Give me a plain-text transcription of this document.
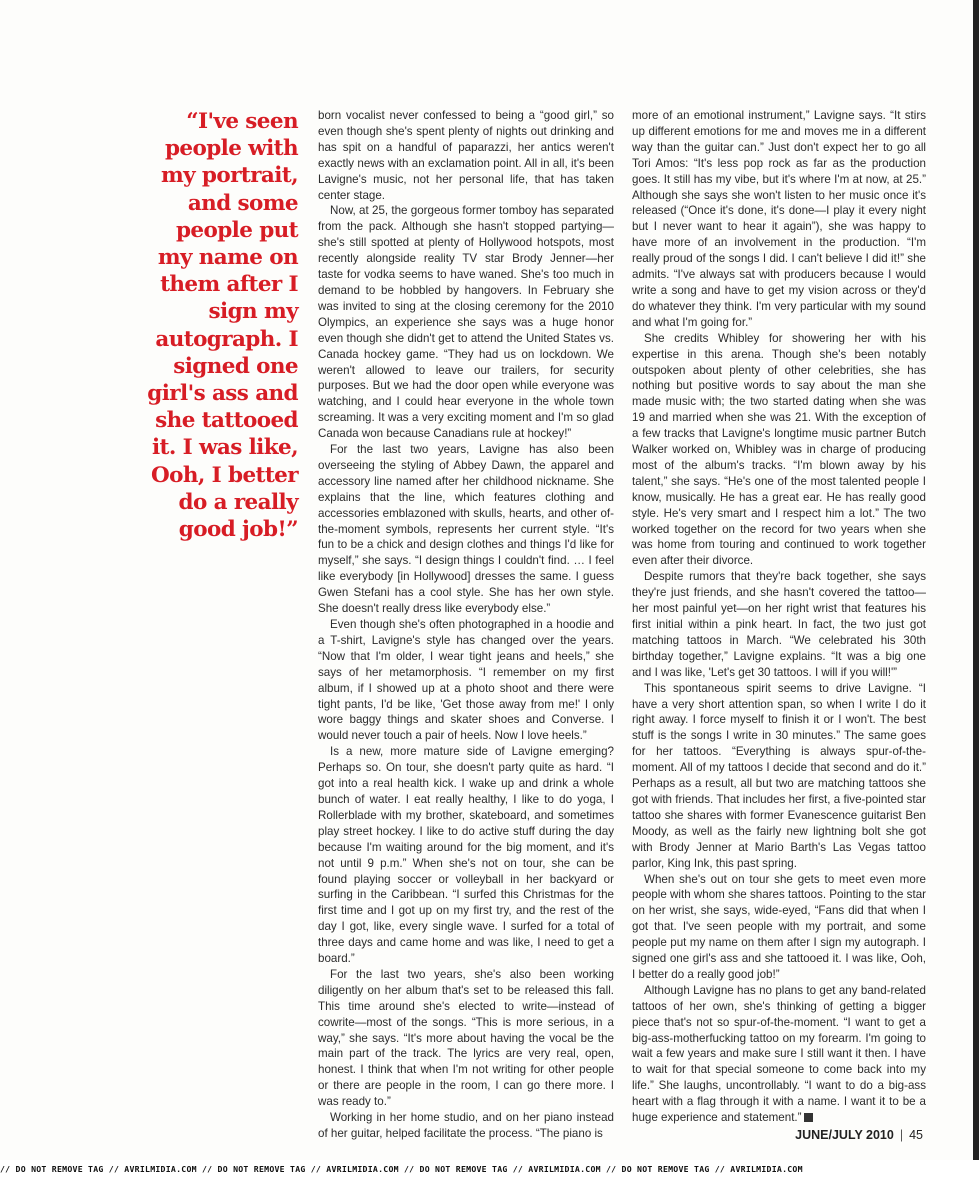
“I've seen people with my portrait, and some people put my name on them after I sign my autograph. I signed one girl's ass and she tattooed it. I was like, Ooh, I better do a really good job!”

born vocalist never confessed to being a “good girl,” so even though she's spent plenty of nights out drinking and has spit on a handful of paparazzi, her antics weren't exactly news with an exclamation point. All in all, it's been Lavigne's music, not her personal life, that has taken center stage.

Now, at 25, the gorgeous former tomboy has separated from the pack. Although she hasn't stopped partying—she's still spotted at plenty of Hollywood hotspots, most recently alongside reality TV star Brody Jenner—her taste for vodka seems to have waned. She's too much in demand to be hobbled by hangovers. In February she was invited to sing at the closing ceremony for the 2010 Olympics, an experience she says was a huge honor even though she didn't get to attend the United States vs. Canada hockey game. “They had us on lockdown. We weren't allowed to leave our trailers, for security purposes. But we had the door open while everyone was watching, and I could hear everyone in the whole town screaming. It was a very exciting moment and I'm so glad Canada won because Canadians rule at hockey!”

For the last two years, Lavigne has also been overseeing the styling of Abbey Dawn, the apparel and accessory line named after her childhood nickname. She explains that the line, which features clothing and accessories emblazoned with skulls, hearts, and other of-the-moment symbols, represents her current style. “It's fun to be a chick and design clothes and things I'd like for myself,” she says. “I design things I couldn't find. … I feel like everybody [in Hollywood] dresses the same. I guess Gwen Stefani has a cool style. She has her own style. She doesn't really dress like everybody else.”

Even though she's often photographed in a hoodie and a T-shirt, Lavigne's style has changed over the years. “Now that I'm older, I wear tight jeans and heels,” she says of her metamorphosis. “I remember on my first album, if I showed up at a photo shoot and there were tight pants, I'd be like, 'Get those away from me!' I only wore baggy things and skater shoes and Converse. I would never touch a pair of heels. Now I love heels.”

Is a new, more mature side of Lavigne emerging? Perhaps so. On tour, she doesn't party quite as hard. “I got into a real health kick. I wake up and drink a whole bunch of water. I eat really healthy, I like to do yoga, I Rollerblade with my brother, skateboard, and sometimes play street hockey. I like to do active stuff during the day because I'm waiting around for the big moment, and it's not until 9 p.m.” When she's not on tour, she can be found playing soccer or volleyball in her backyard or surfing in the Caribbean. “I surfed this Christmas for the first time and I got up on my first try, and the rest of the day I got, like, every single wave. I surfed for a total of three days and came home and was like, I need to get a board.”

For the last two years, she's also been working diligently on her album that's set to be released this fall. This time around she's elected to write—instead of cowrite—most of the songs. “This is more serious, in a way,” she says. “It's more about having the vocal be the main part of the track. The lyrics are very real, open, honest. I think that when I'm not writing for other people or there are people in the room, I can go there more. I was ready to.”

Working in her home studio, and on her piano instead of her guitar, helped facilitate the process. “The piano is

more of an emotional instrument,” Lavigne says. “It stirs up different emotions for me and moves me in a different way than the guitar can.” Just don't expect her to go all Tori Amos: “It's less pop rock as far as the production goes. It still has my vibe, but it's where I'm at now, at 25.” Although she says she won't listen to her music once it's released (“Once it's done, it's done—I play it every night but I never want to hear it again”), she was happy to have more of an involvement in the production. “I'm really proud of the songs I did. I can't believe I did it!” she admits. “I've always sat with producers because I would write a song and have to get my vision across or they'd do whatever they think. I'm very particular with my sound and what I'm going for.”

She credits Whibley for showering her with his expertise in this arena. Though she's been notably outspoken about plenty of other celebrities, she has nothing but positive words to say about the man she made music with; the two started dating when she was 19 and married when she was 21. With the exception of a few tracks that Lavigne's longtime music partner Butch Walker worked on, Whibley was in charge of producing most of the album's tracks. “I'm blown away by his talent,” she says. “He's one of the most talented people I know, musically. He has a great ear. He has really good style. He's very smart and I respect him a lot.” The two worked together on the record for two years when she was home from touring and continued to work together even after their divorce.

Despite rumors that they're back together, she says they're just friends, and she hasn't covered the tattoo—her most painful yet—on her right wrist that features his first initial within a pink heart. In fact, the two just got matching tattoos in March. “We celebrated his 30th birthday together,” Lavigne explains. “It was a big one and I was like, 'Let's get 30 tattoos. I will if you will!'”

This spontaneous spirit seems to drive Lavigne. “I have a very short attention span, so when I write I do it right away. I force myself to finish it or I won't. The best stuff is the songs I write in 30 minutes.” The same goes for her tattoos. “Everything is always spur-of-the-moment. All of my tattoos I decide that second and do it.” Perhaps as a result, all but two are matching tattoos she got with friends. That includes her first, a five-pointed star tattoo she shares with former Evanescence guitarist Ben Moody, as well as the fairly new lightning bolt she got with Brody Jenner at Mario Barth's Las Vegas tattoo parlor, King Ink, this past spring.

When she's out on tour she gets to meet even more people with whom she shares tattoos. Pointing to the star on her wrist, she says, wide-eyed, “Fans did that when I got that. I've seen people with my portrait, and some people put my name on them after I sign my autograph. I signed one girl's ass and she tattooed it. I was like, Ooh, I better do a really good job!”

Although Lavigne has no plans to get any band-related tattoos of her own, she's thinking of getting a bigger piece that's not so spur-of-the-moment. “I want to get a big-ass-motherfucking tattoo on my forearm. I'm going to wait a few years and make sure I still want it then. I have to wait for that special someone to come back into my life.” She laughs, uncontrollably. “I want to do a big-ass heart with a flag through it with a name. I want it to be a huge experience and statement.”

JUNE/JULY 2010 | 45
// DO NOT REMOVE TAG // AVRILMIDIA.COM // DO NOT REMOVE TAG // AVRILMIDIA.COM // DO NOT REMOVE TAG // AVRILMIDIA.COM // DO NOT REMOVE TAG // AVRILMIDIA.COM
